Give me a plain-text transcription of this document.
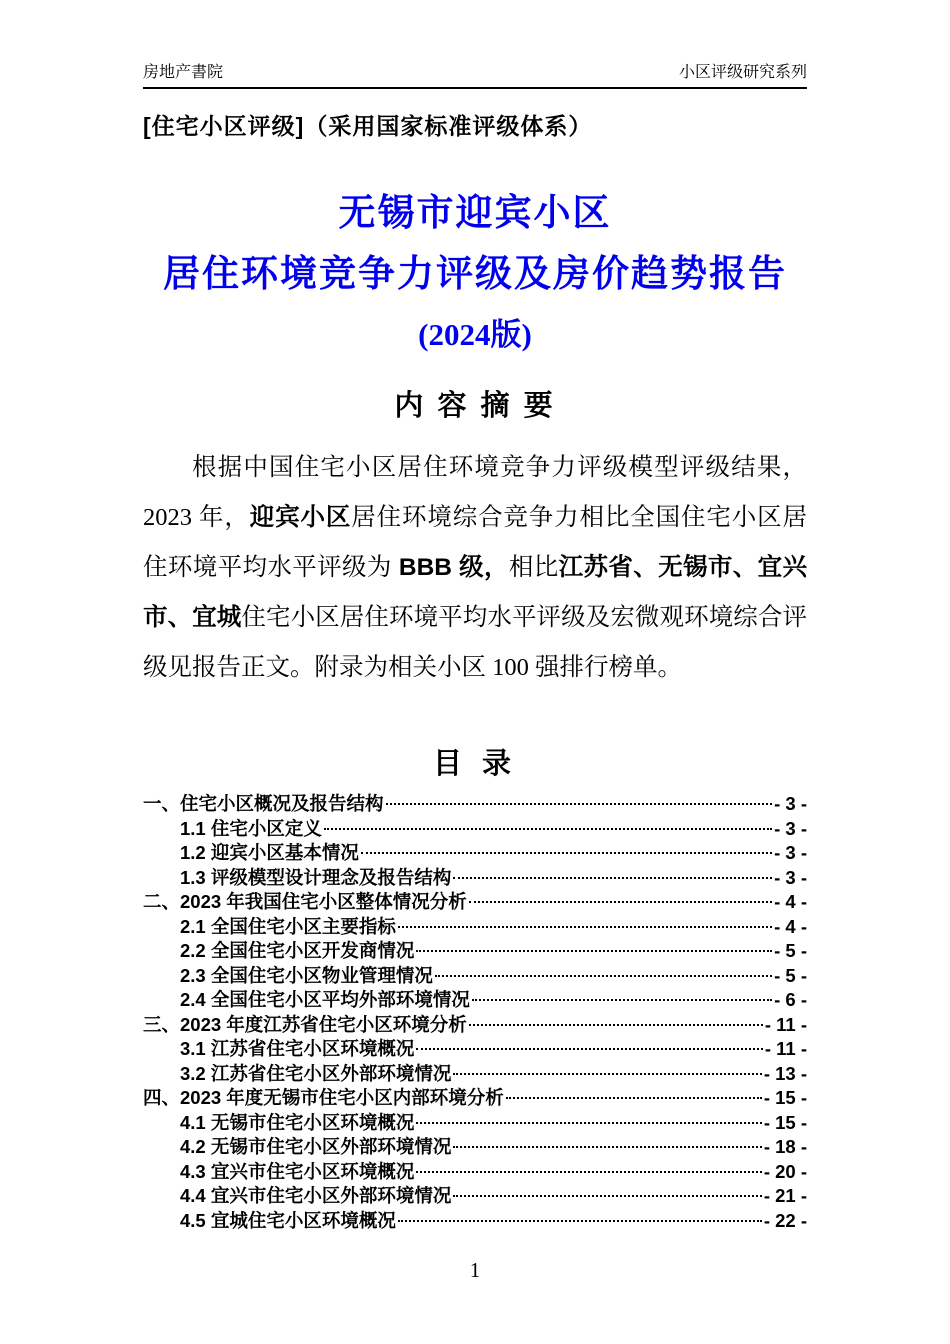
房地产書院	小区评级研究系列
[住宅小区评级]（采用国家标准评级体系）
无锡市迎宾小区
居住环境竞争力评级及房价趋势报告
(2024版)
内 容 摘 要

根据中国住宅小区居住环境竞争力评级模型评级结果，2023 年，迎宾小区居住环境综合竞争力相比全国住宅小区居住环境平均水平评级为 BBB 级，相比江苏省、无锡市、宜兴市、宜城住宅小区居住环境平均水平评级及宏微观环境综合评级见报告正文。附录为相关小区 100 强排行榜单。

目 录
一、住宅小区概况及报告结构	- 3 -
1.1 住宅小区定义	- 3 -
1.2 迎宾小区基本情况	- 3 -
1.3 评级模型设计理念及报告结构	- 3 -
二、2023 年我国住宅小区整体情况分析	- 4 -
2.1 全国住宅小区主要指标	- 4 -
2.2 全国住宅小区开发商情况	- 5 -
2.3 全国住宅小区物业管理情况	- 5 -
2.4 全国住宅小区平均外部环境情况	- 6 -
三、2023 年度江苏省住宅小区环境分析	- 11 -
3.1 江苏省住宅小区环境概况	- 11 -
3.2 江苏省住宅小区外部环境情况	- 13 -
四、2023 年度无锡市住宅小区内部环境分析	- 15 -
4.1 无锡市住宅小区环境概况	- 15 -
4.2 无锡市住宅小区外部环境情况	- 18 -
4.3 宜兴市住宅小区环境概况	- 20 -
4.4 宜兴市住宅小区外部环境情况	- 21 -
4.5 宜城住宅小区环境概况	- 22 -
1
